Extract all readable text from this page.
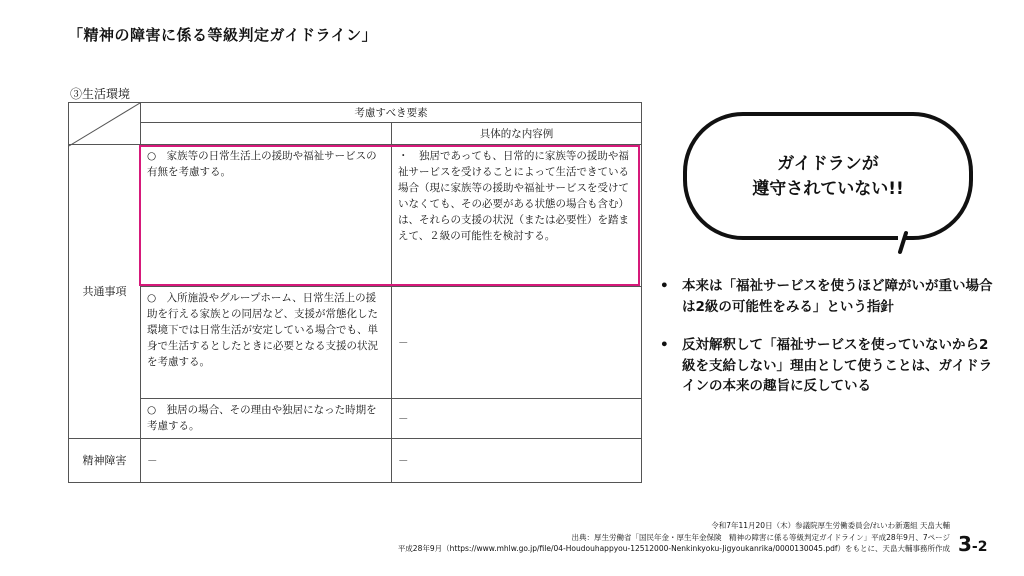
「精神の障害に係る等級判定ガイドライン」
③生活環境
	考慮すべき要素	
		具体的な内容例
共通事項	○　家族等の日常生活上の援助や福祉サービスの有無を考慮する。	・　独居であっても、日常的に家族等の援助や福祉サービスを受けることによって生活できている場合（現に家族等の援助や福祉サービスを受けていなくても、その必要がある状態の場合も含む）は、それらの支援の状況（または必要性）を踏まえて、２級の可能性を検討する。
	○　入所施設やグループホーム、日常生活上の援助を行える家族との同居など、支援が常態化した環境下では日常生活が安定している場合でも、単身で生活するとしたときに必要となる支援の状況を考慮する。	－
	○　独居の場合、その理由や独居になった時期を考慮する。	－
精神障害	－	－
ガイドランが
遵守されていない!!
• 本来は「福祉サービスを使うほど障がいが重い場合は2級の可能性をみる」という指針
• 反対解釈して「福祉サービスを使っていないから2級を支給しない」理由として使うことは、ガイドラインの本来の趣旨に反している
令和7年11月20日（木）参議院厚生労働委員会/れいわ新選組 天畠大輔
出典：厚生労働省「国民年金・厚生年金保険　精神の障害に係る等級判定ガイドライン」平成28年9月、7ページ
平成28年9月（https://www.mhlw.go.jp/file/04-Houdouhappyou-12512000-Nenkinkyoku-Jigyoukanrika/0000130045.pdf）をもとに、天畠大輔事務所作成 3-2
